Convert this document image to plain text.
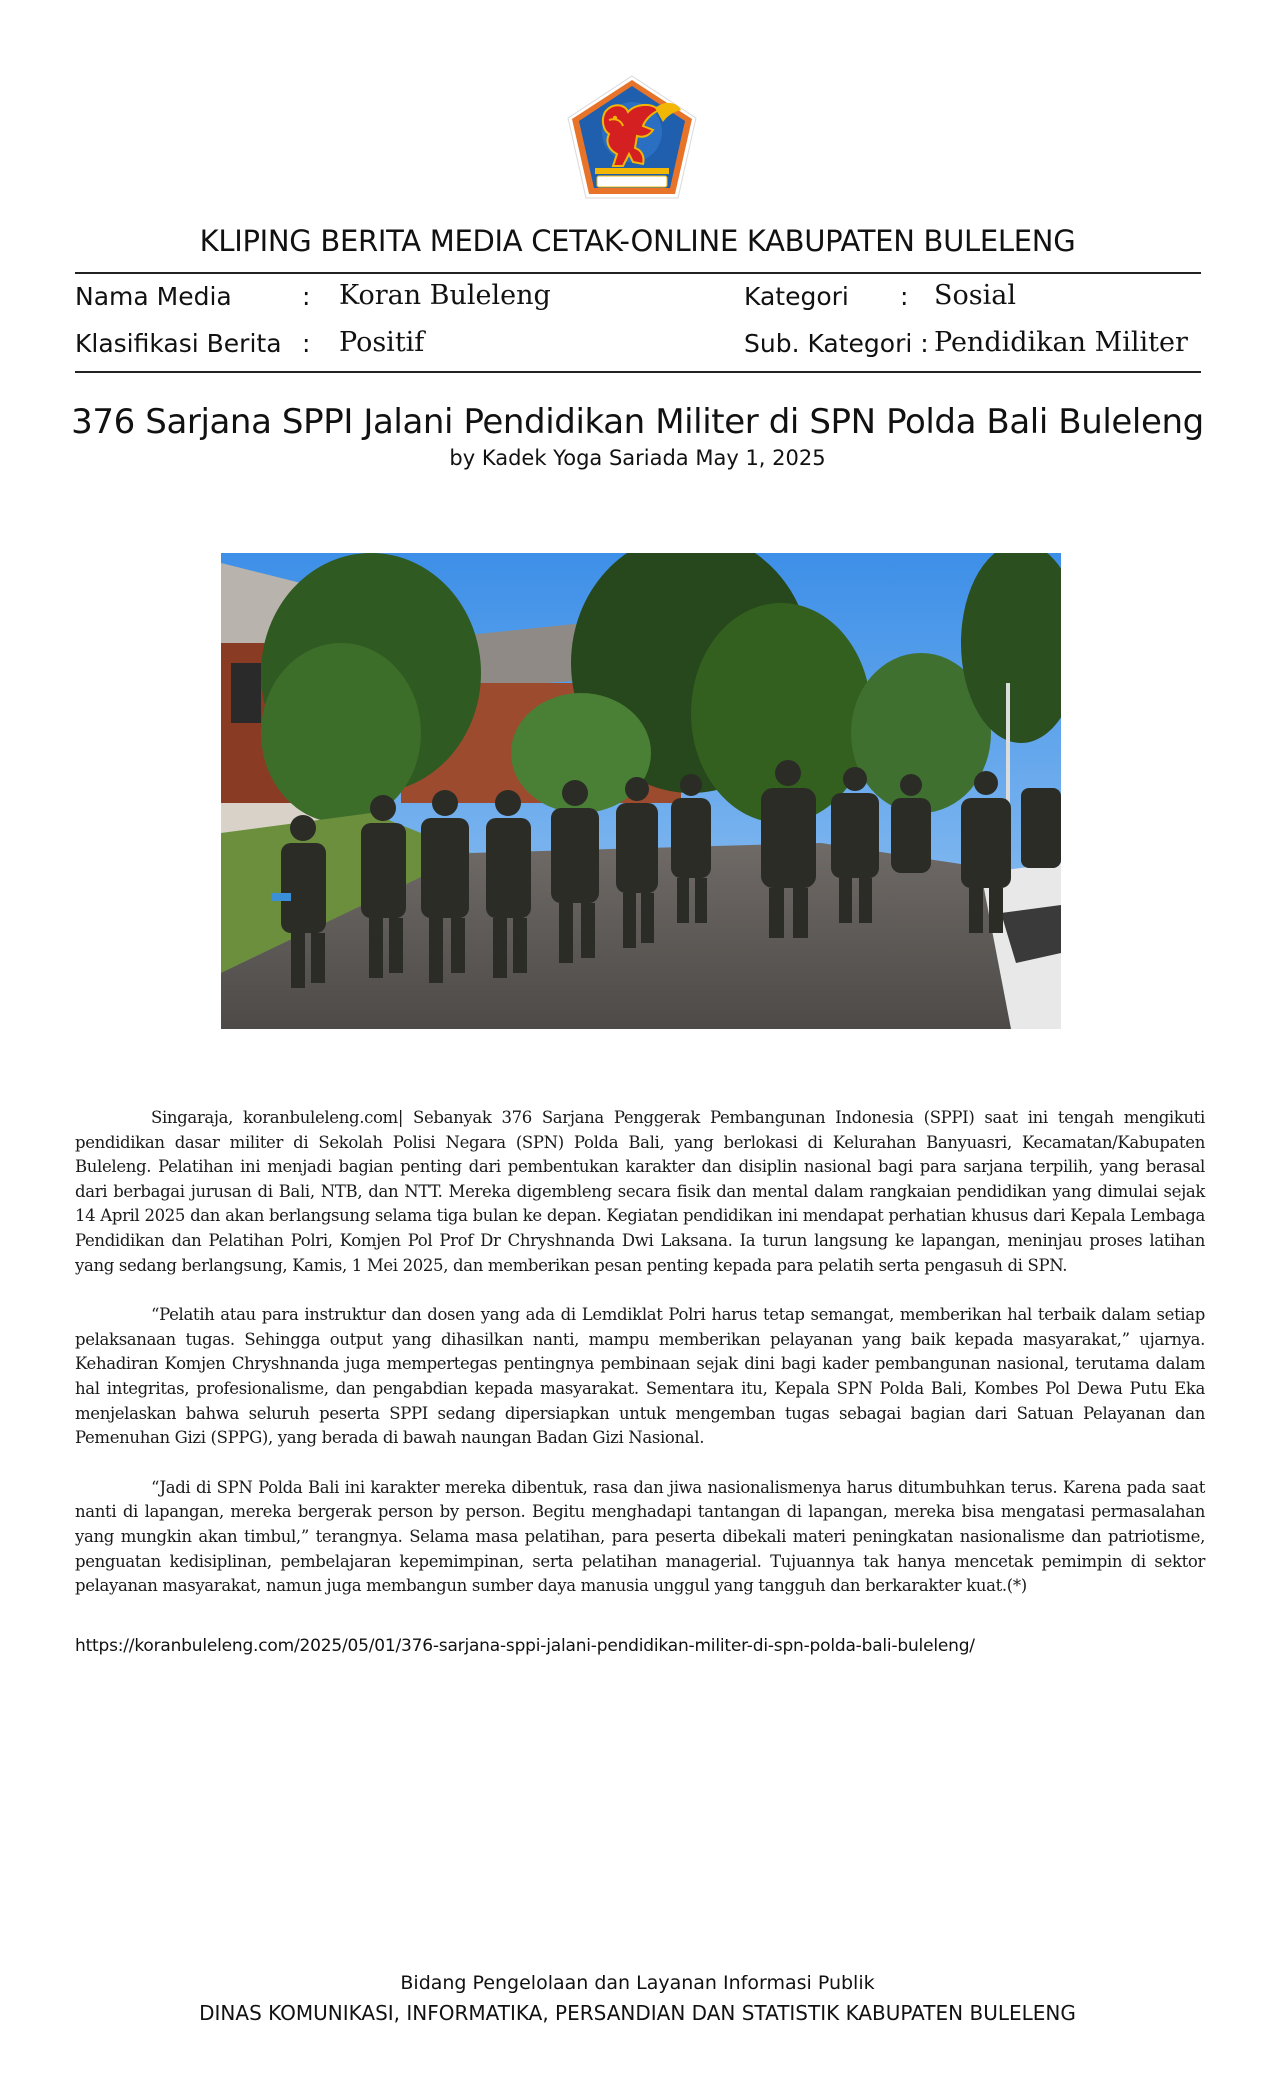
KLIPING BERITA MEDIA CETAK-ONLINE KABUPATEN BULELENG
Nama Media	: Koran Buleleng	Kategori : Sosial
Klasifikasi Berita : Positif	Sub. Kategori : Pendidikan Militer
376 Sarjana SPPI Jalani Pendidikan Militer di SPN Polda Bali Buleleng
by Kadek Yoga Sariada May 1, 2025

Singaraja, koranbuleleng.com| Sebanyak 376 Sarjana Penggerak Pembangunan Indonesia (SPPI) saat ini tengah mengikuti pendidikan dasar militer di Sekolah Polisi Negara (SPN) Polda Bali, yang berlokasi di Kelurahan Banyuasri, Kecamatan/Kabupaten Buleleng. Pelatihan ini menjadi bagian penting dari pembentukan karakter dan disiplin nasional bagi para sarjana terpilih, yang berasal dari berbagai jurusan di Bali, NTB, dan NTT. Mereka digembleng secara fisik dan mental dalam rangkaian pendidikan yang dimulai sejak 14 April 2025 dan akan berlangsung selama tiga bulan ke depan. Kegiatan pendidikan ini mendapat perhatian khusus dari Kepala Lembaga Pendidikan dan Pelatihan Polri, Komjen Pol Prof Dr Chryshnanda Dwi Laksana. Ia turun langsung ke lapangan, meninjau proses latihan yang sedang berlangsung, Kamis, 1 Mei 2025, dan memberikan pesan penting kepada para pelatih serta pengasuh di SPN.

“Pelatih atau para instruktur dan dosen yang ada di Lemdiklat Polri harus tetap semangat, memberikan hal terbaik dalam setiap pelaksanaan tugas. Sehingga output yang dihasilkan nanti, mampu memberikan pelayanan yang baik kepada masyarakat,” ujarnya. Kehadiran Komjen Chryshnanda juga mempertegas pentingnya pembinaan sejak dini bagi kader pembangunan nasional, terutama dalam hal integritas, profesionalisme, dan pengabdian kepada masyarakat. Sementara itu, Kepala SPN Polda Bali, Kombes Pol Dewa Putu Eka menjelaskan bahwa seluruh peserta SPPI sedang dipersiapkan untuk mengemban tugas sebagai bagian dari Satuan Pelayanan dan Pemenuhan Gizi (SPPG), yang berada di bawah naungan Badan Gizi Nasional.

“Jadi di SPN Polda Bali ini karakter mereka dibentuk, rasa dan jiwa nasionalismenya harus ditumbuhkan terus. Karena pada saat nanti di lapangan, mereka bergerak person by person. Begitu menghadapi tantangan di lapangan, mereka bisa mengatasi permasalahan yang mungkin akan timbul,” terangnya. Selama masa pelatihan, para peserta dibekali materi peningkatan nasionalisme dan patriotisme, penguatan kedisiplinan, pembelajaran kepemimpinan, serta pelatihan managerial. Tujuannya tak hanya mencetak pemimpin di sektor pelayanan masyarakat, namun juga membangun sumber daya manusia unggul yang tangguh dan berkarakter kuat.(*)

https://koranbuleleng.com/2025/05/01/376-sarjana-sppi-jalani-pendidikan-militer-di-spn-polda-bali-buleleng/
Bidang Pengelolaan dan Layanan Informasi Publik
DINAS KOMUNIKASI, INFORMATIKA, PERSANDIAN DAN STATISTIK KABUPATEN BULELENG
